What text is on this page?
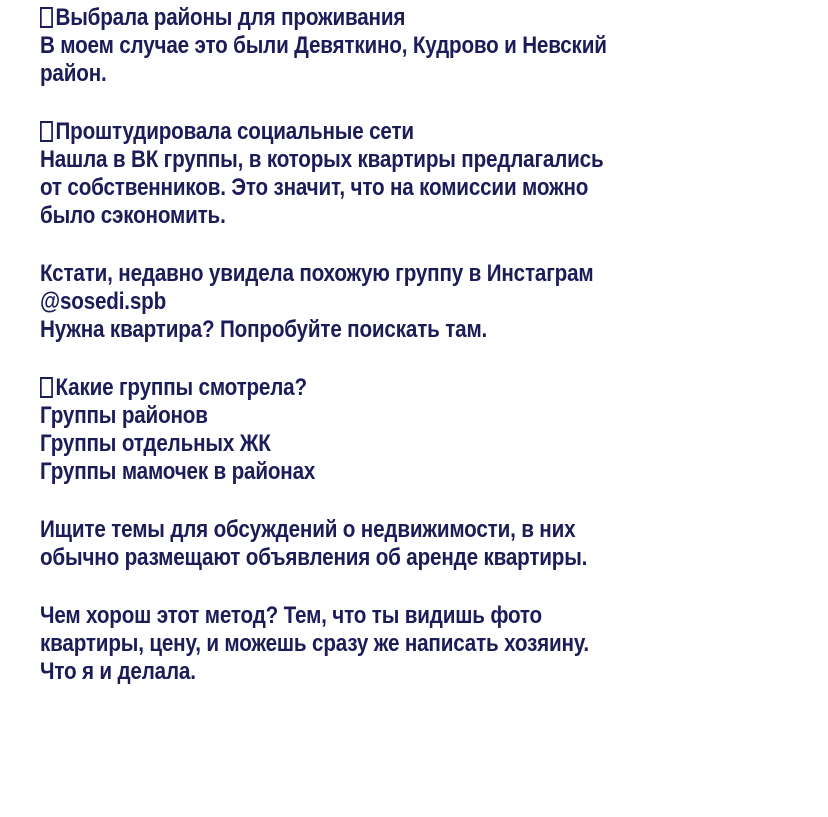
Выбрала районы для проживания
В моем случае это были Девяткино, Кудрово и Невский
район.
Проштудировала социальные сети
Нашла в ВК группы, в которых квартиры предлагались
от собственников. Это значит, что на комиссии можно
было сэкономить.
Кстати, недавно увидела похожую группу в Инстаграм
@sosedi.spb
Нужна квартира? Попробуйте поискать там.
Какие группы смотрела?
Группы районов
Группы отдельных ЖК
Группы мамочек в районах
Ищите темы для обсуждений о недвижимости, в них
обычно размещают объявления об аренде квартиры.
Чем хорош этот метод? Тем, что ты видишь фото
квартиры, цену, и можешь сразу же написать хозяину.
Что я и делала.
